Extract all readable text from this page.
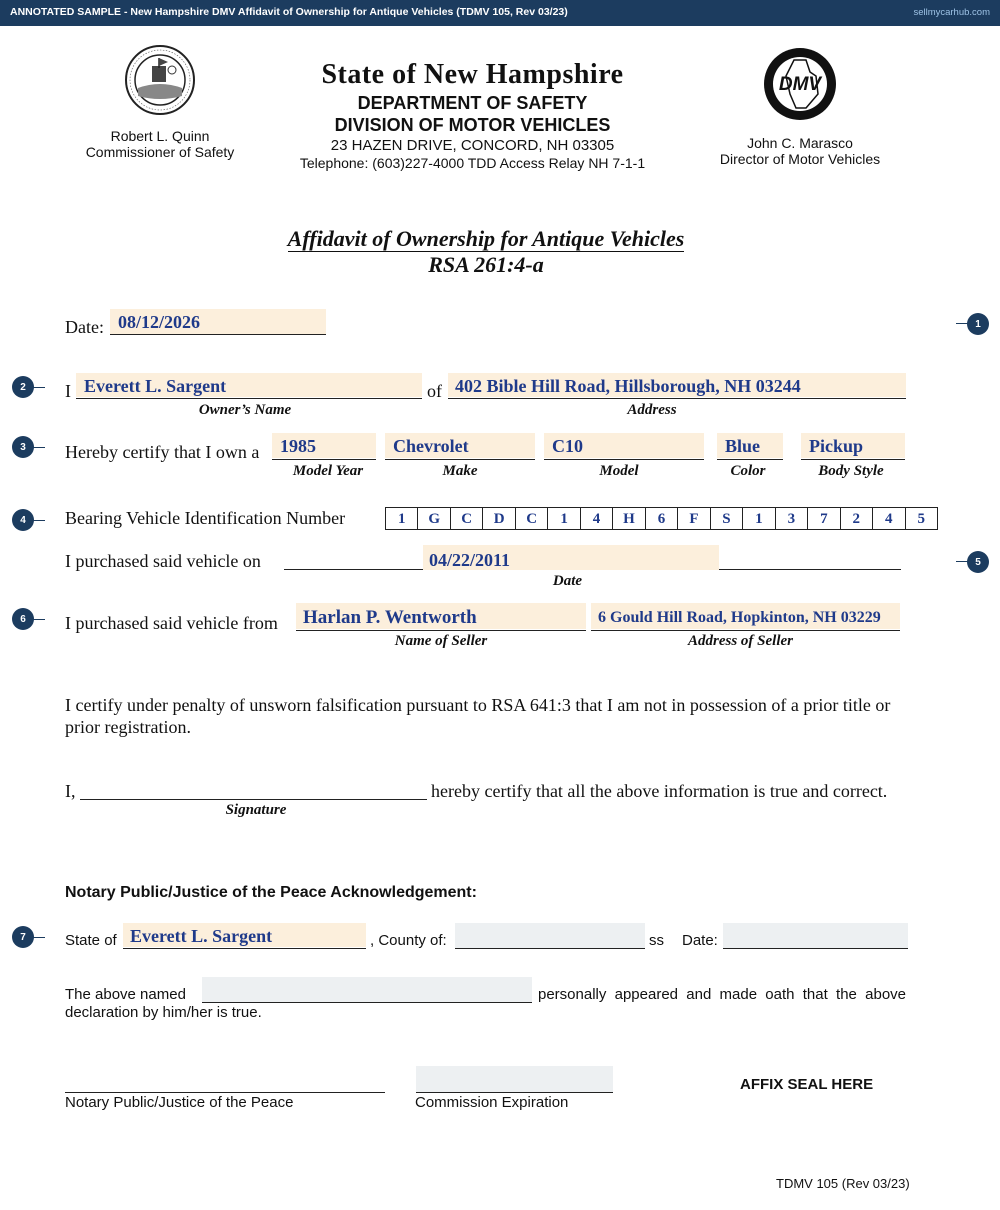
ANNOTATED SAMPLE - New Hampshire DMV Affidavit of Ownership for Antique Vehicles (TDMV 105, Rev 03/23)	sellmycarhub.com
Robert L. Quinn
Commissioner of Safety
State of New Hampshire
DEPARTMENT OF SAFETY
DIVISION OF MOTOR VEHICLES
23 HAZEN DRIVE, CONCORD, NH 03305
Telephone: (603)227-4000 TDD Access Relay NH 7-1-1
DMV
John C. Marasco
Director of Motor Vehicles
Affidavit of Ownership for Antique Vehicles
RSA 261:4-a
Date: 08/12/2026
I Everett L. Sargent
Owner’s Name
of 402 Bible Hill Road, Hillsborough, NH 03244
Address
Hereby certify that I own a 1985
Model Year
Chevrolet
Make
C10
Model
Blue
Color
Pickup
Body Style
Bearing Vehicle Identification Number	1	G	C	D	C	1	4	H	6	F	S	1	3	7	2	4	5
I purchased said vehicle on	04/22/2011
Date
I purchased said vehicle from Harlan P. Wentworth
Name of Seller
6 Gould Hill Road, Hopkinton, NH 03229
Address of Seller
I certify under penalty of unsworn falsification pursuant to RSA 641:3 that I am not in possession of a prior title or prior registration.
I,	hereby certify that all the above information is true and correct.
Signature
Notary Public/Justice of the Peace Acknowledgement:
State of Everett L. Sargent	, County of:	ss Date:
The above named	personally appeared and made oath that the above
declaration by him/her is true.
Notary Public/Justice of the Peace	Commission Expiration
AFFIX SEAL HERE
TDMV 105 (Rev 03/23)
1
2
3
4
5
6
7
